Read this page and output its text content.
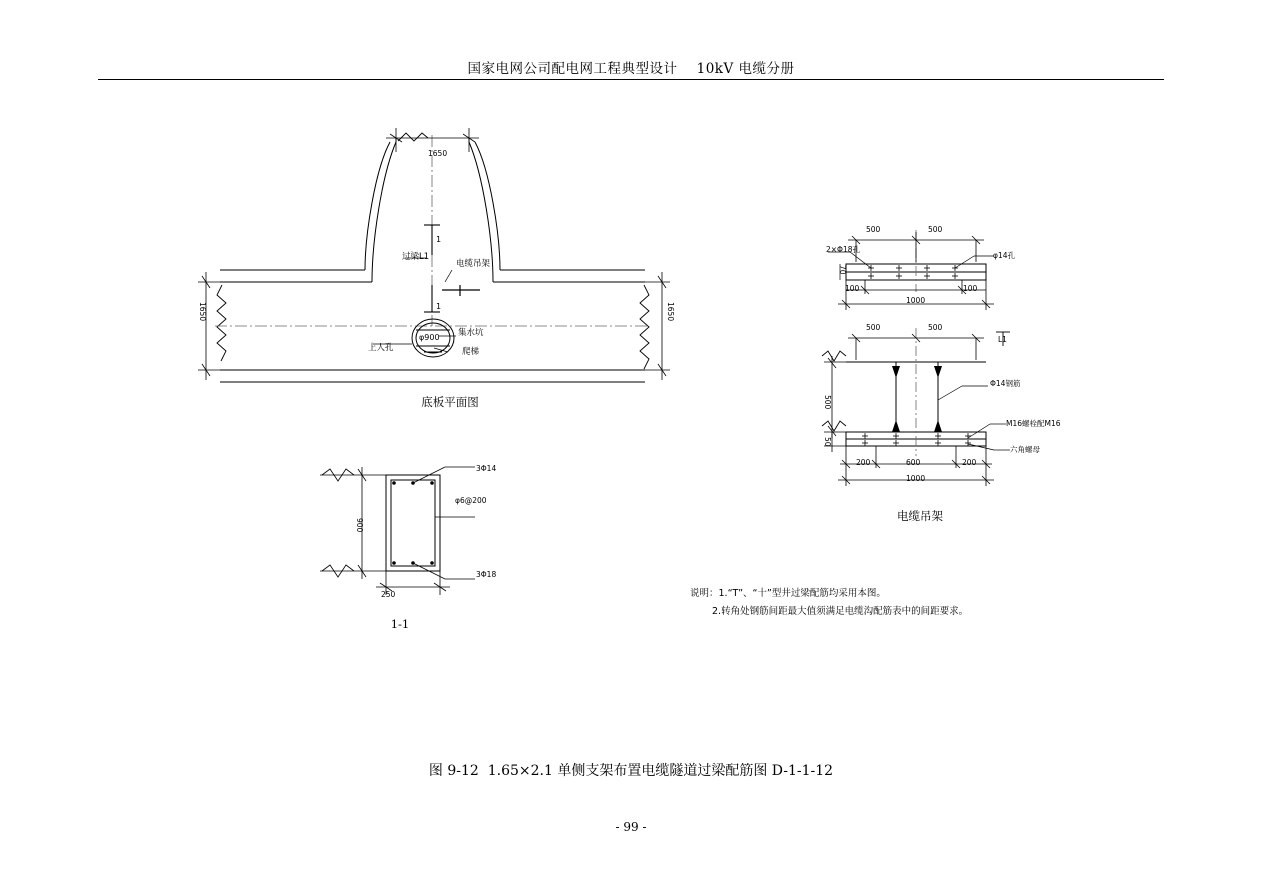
国家电网公司配电网工程典型设计    10kV 电缆分册
1650
1650	1650
1
1
过梁L1
电缆吊架
集水坑
上人孔	爬梯
φ900
底板平面图
3Φ14
φ6@200
3Φ18
900
250
1-1
500	500
2×Φ18孔
φ14孔
70
100	100
1000
500	500
L1
500
Φ14钢筋
50
M16螺栓配M16
六角螺母
200	600	200
1000
电缆吊架
说明：1.“T”、“十”型井过梁配筋均采用本图。
2.转角处钢筋间距最大值须满足电缆沟配筋表中的间距要求。
图 9-12  1.65×2.1 单侧支架布置电缆隧道过梁配筋图 D-1-1-12
- 99 -
